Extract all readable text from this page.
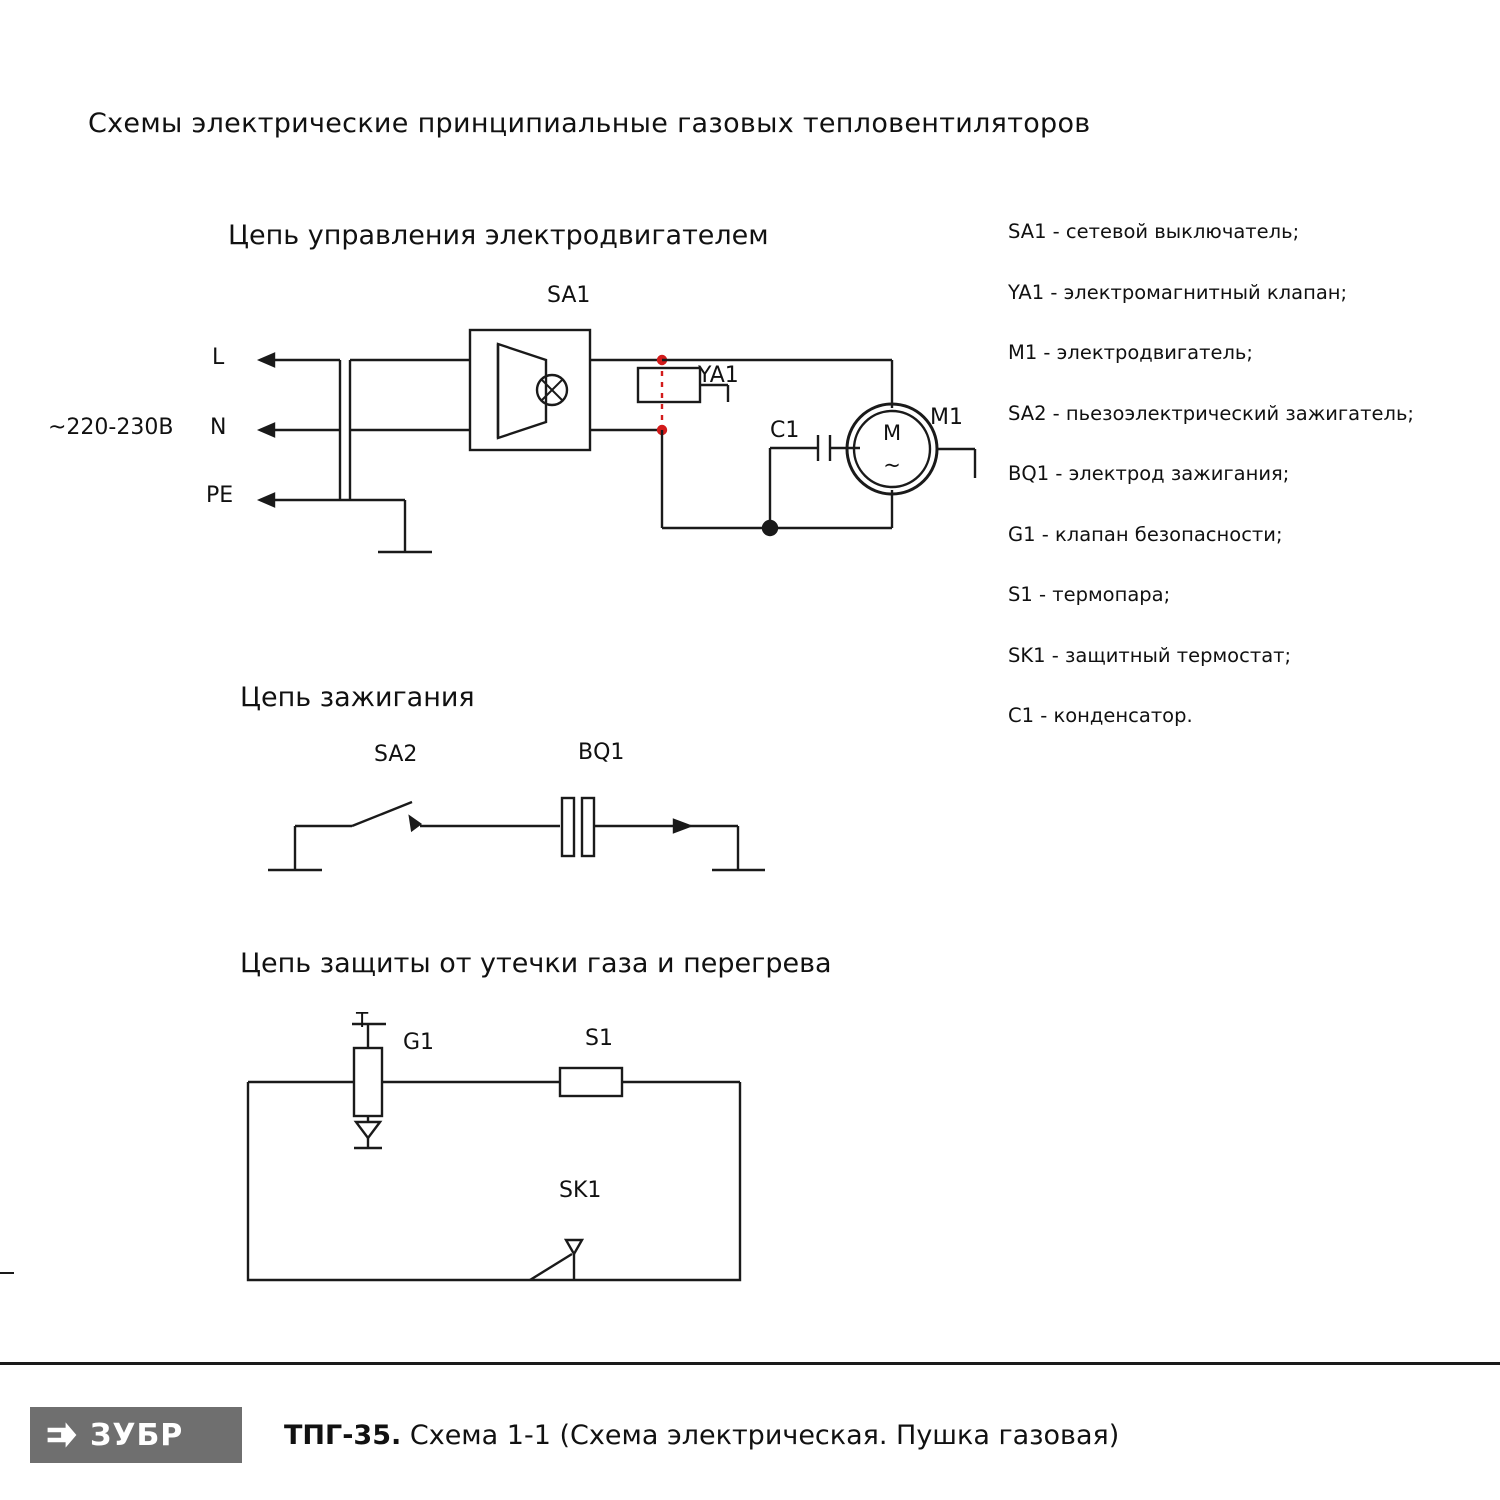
Схемы электрические принципиальные газовых тепловентиляторов
Цепь управления электродвигателем
~220-230В
L
N
PE
SA1
YA1
C1
M1
M
~
Цепь зажигания
SA2	BQ1
Цепь защиты от утечки газа и перегрева
G1	S1
SK1
T
SA1 - сетевой выключатель;
YA1 - электромагнитный клапан;
M1 - электродвигатель;
SA2 - пьезоэлектрический зажигатель;
BQ1 - электрод зажигания;
G1 - клапан безопасности;
S1 - термопара;
SK1 - защитный термостат;
C1 - конденсатор.
ЗУБР	ТПГ-35. Схема 1-1 (Схема электрическая. Пушка газовая)
